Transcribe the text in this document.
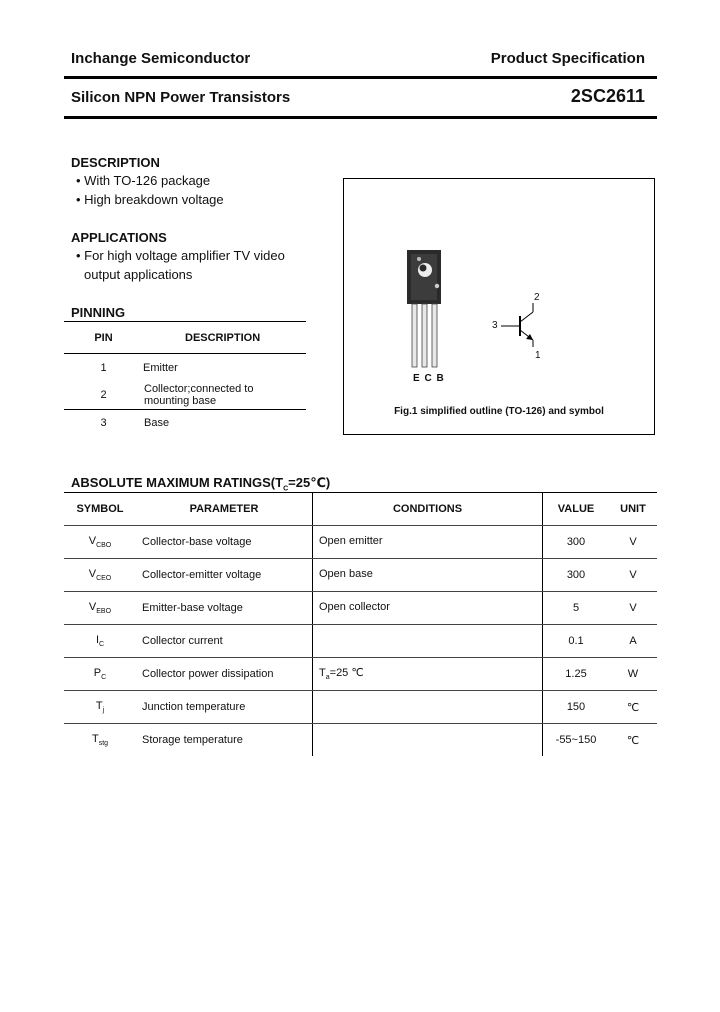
Inchange Semiconductor	Product Specification
Silicon NPN Power Transistors	2SC2611
DESCRIPTION
• With TO-126 package
• High breakdown voltage
APPLICATIONS
• For high voltage amplifier TV video
output applications
PINNING
PIN	DESCRIPTION
1	Emitter
2	Collector;connected to
mounting base

3	Base
E C B
2
3
1
Fig.1 simplified outline (TO-126) and symbol
ABSOLUTE MAXIMUM $RATINGS(T_C=25℃)$
SYMBOL	PARAMETER	CONDITIONS	VALUE	UNIT
$V_{CBO}$	Collector-base voltage	Open emitter	300	V
$V_{CEO}$	Collector-emitter voltage	Open base	300	V
$V_{EBO}$	Emitter-base voltage	Open collector	5	V
$I_C$	Collector current		0.1	A
$P_C$	Collector power dissipation	$T_a=25$ ℃	1.25	W
$T_j$	Junction temperature		150	℃
$T_{stg}$	Storage temperature		-55~150	℃
